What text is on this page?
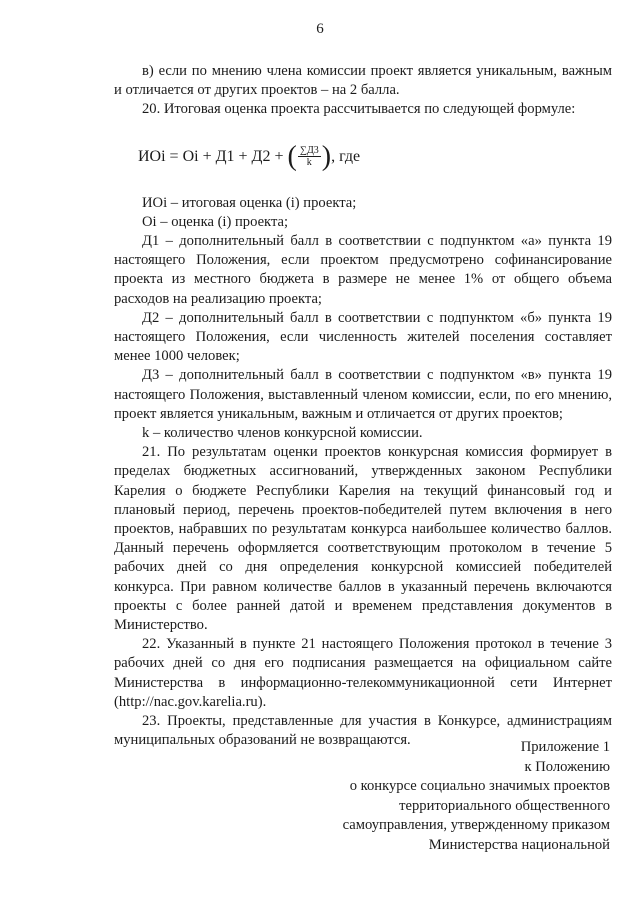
6

в) если по мнению члена комиссии проект является уникальным, важным и отличается от других проектов – на 2 балла.

20. Итоговая оценка проекта рассчитывается по следующей формуле:

ИОi = Оi + Д1 + Д2 + ( $\frac{\sum Д3}{k}$ ) , где

ИОi – итоговая оценка (i) проекта;

Оi – оценка (i) проекта;

Д1 – дополнительный балл в соответствии с подпунктом «а» пункта 19 настоящего Положения, если проектом предусмотрено софинансирование проекта из местного бюджета в размере не менее 1% от общего объема расходов на реализацию проекта;

Д2 – дополнительный балл в соответствии с подпунктом «б» пункта 19 настоящего Положения, если численность жителей поселения составляет менее 1000 человек;

Д3 – дополнительный балл в соответствии с подпунктом «в» пункта 19 настоящего Положения, выставленный членом комиссии, если, по его мнению, проект является уникальным, важным и отличается от других проектов;

k – количество членов конкурсной комиссии.

21. По результатам оценки проектов конкурсная комиссия формирует в пределах бюджетных ассигнований, утвержденных законом Республики Карелия о бюджете Республики Карелия на текущий финансовый год и плановый период, перечень проектов-победителей путем включения в него проектов, набравших по результатам конкурса наибольшее количество баллов. Данный перечень оформляется соответствующим протоколом в течение 5 рабочих дней со дня определения конкурсной комиссией победителей конкурса. При равном количестве баллов в указанный перечень включаются проекты с более ранней датой и временем представления документов в Министерство.

22. Указанный в пункте 21 настоящего Положения протокол в течение 3 рабочих дней со дня его подписания размещается на официальном сайте Министерства в информационно-телекоммуникационной сети Интернет (http://nac.gov.karelia.ru).

23. Проекты, представленные для участия в Конкурсе, администрациям муниципальных образований не возвращаются.	Приложение 1
к Положению
о конкурсе социально значимых проектов
территориального общественного
самоуправления, утвержденному приказом
Министерства национальной
